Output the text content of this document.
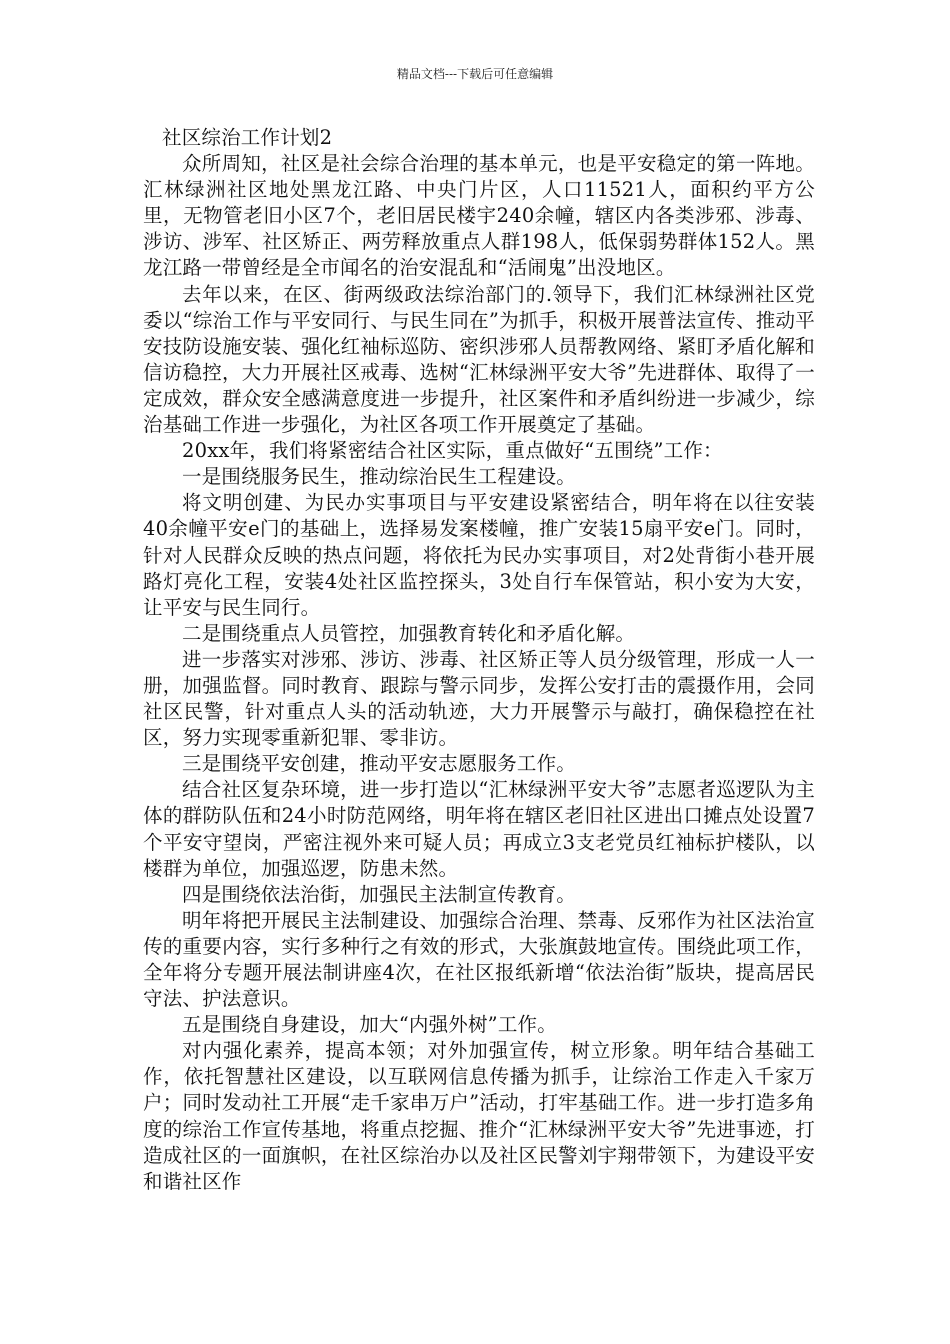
精品文档---下载后可任意编辑
社区综治工作计划2

众所周知，社区是社会综合治理的基本单元，也是平安稳定的第一阵地。汇林绿洲社区地处黑龙江路、中央门片区，人口11521人，面积约平方公里，无物管老旧小区7个，老旧居民楼宇240余幢，辖区内各类涉邪、涉毒、涉访、涉军、社区矫正、两劳释放重点人群198人，低保弱势群体152人。黑龙江路一带曾经是全市闻名的治安混乱和“活闹鬼”出没地区。

去年以来，在区、街两级政法综治部门的.领导下，我们汇林绿洲社区党委以“综治工作与平安同行、与民生同在”为抓手，积极开展普法宣传、推动平安技防设施安装、强化红袖标巡防、密织涉邪人员帮教网络、紧盯矛盾化解和信访稳控，大力开展社区戒毒、选树“汇林绿洲平安大爷”先进群体、取得了一定成效，群众安全感满意度进一步提升，社区案件和矛盾纠纷进一步减少，综治基础工作进一步强化，为社区各项工作开展奠定了基础。

20xx年，我们将紧密结合社区实际，重点做好“五围绕”工作：

一是围绕服务民生，推动综治民生工程建设。

将文明创建、为民办实事项目与平安建设紧密结合，明年将在以往安装40余幢平安e门的基础上，选择易发案楼幢，推广安装15扇平安e门。同时，针对人民群众反映的热点问题，将依托为民办实事项目，对2处背街小巷开展路灯亮化工程，安装4处社区监控探头，3处自行车保管站，积小安为大安，让平安与民生同行。

二是围绕重点人员管控，加强教育转化和矛盾化解。

进一步落实对涉邪、涉访、涉毒、社区矫正等人员分级管理，形成一人一册，加强监督。同时教育、跟踪与警示同步，发挥公安打击的震摄作用，会同社区民警，针对重点人头的活动轨迹，大力开展警示与敲打，确保稳控在社区，努力实现零重新犯罪、零非访。

三是围绕平安创建，推动平安志愿服务工作。

结合社区复杂环境，进一步打造以“汇林绿洲平安大爷”志愿者巡逻队为主体的群防队伍和24小时防范网络，明年将在辖区老旧社区进出口摊点处设置7个平安守望岗，严密注视外来可疑人员；再成立3支老党员红袖标护楼队，以楼群为单位，加强巡逻，防患未然。

四是围绕依法治街，加强民主法制宣传教育。

明年将把开展民主法制建设、加强综合治理、禁毒、反邪作为社区法治宣传的重要内容，实行多种行之有效的形式，大张旗鼓地宣传。围绕此项工作，全年将分专题开展法制讲座4次，在社区报纸新增“依法治街”版块，提高居民守法、护法意识。

五是围绕自身建设，加大“内强外树”工作。

对内强化素养，提高本领；对外加强宣传，树立形象。明年结合基础工作，依托智慧社区建设，以互联网信息传播为抓手，让综治工作走入千家万户；同时发动社工开展“走千家串万户”活动，打牢基础工作。进一步打造多角度的综治工作宣传基地，将重点挖掘、推介“汇林绿洲平安大爷”先进事迹，打造成社区的一面旗帜，在社区综治办以及社区民警刘宇翔带领下，为建设平安和谐社区作
